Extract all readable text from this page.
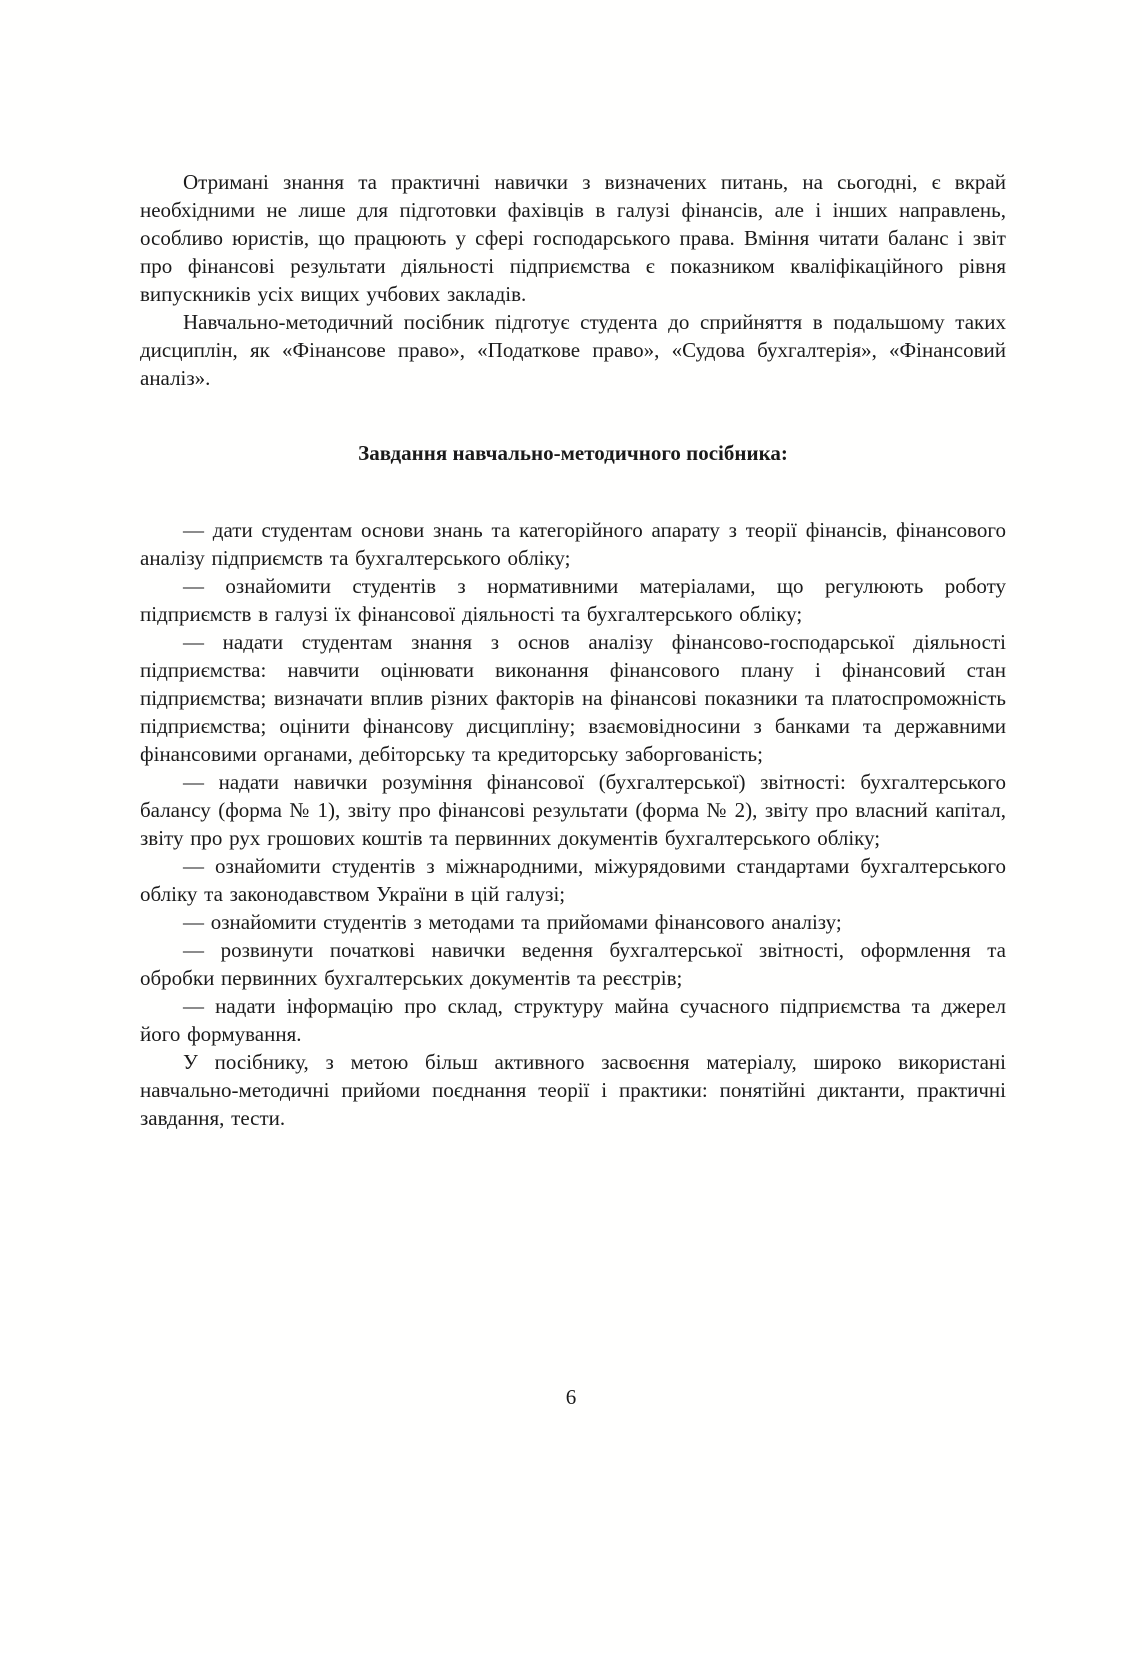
Отримані знання та практичні навички з визначених питань, на сьогодні, є вкрай необхідними не лише для підготовки фахівців в галузі фінансів, але і інших направлень, особливо юристів, що працюють у сфері господарського права. Вміння читати баланс і звіт про фінансові результати діяльності підприємства є показником кваліфікаційного рівня випускників усіх вищих учбових закладів.

Навчально-методичний посібник підготує студента до сприйняття в подальшому таких дисциплін, як «Фінансове право», «Податкове право», «Судова бухгалтерія», «Фінансовий аналіз».

Завдання навчально-методичного посібника:

— дати студентам основи знань та категорійного апарату з теорії фінансів, фінансового аналізу підприємств та бухгалтерського обліку;

— ознайомити студентів з нормативними матеріалами, що регулюють роботу підприємств в галузі їх фінансової діяльності та бухгалтерського обліку;

— надати студентам знання з основ аналізу фінансово-господарської діяльності підприємства: навчити оцінювати виконання фінансового плану і фінансовий стан підприємства; визначати вплив різних факторів на фінансові показники та платоспроможність підприємства; оцінити фінансову дисципліну; взаємовідносини з банками та державними фінансовими органами, дебіторську та кредиторську заборгованість;

— надати навички розуміння фінансової (бухгалтерської) звітності: бухгалтерського балансу (форма № 1), звіту про фінансові результати (форма № 2), звіту про власний капітал, звіту про рух грошових коштів та первинних документів бухгалтерського обліку;

— ознайомити студентів з міжнародними, міжурядовими стандартами бухгалтерського обліку та законодавством України в цій галузі;

— ознайомити студентів з методами та прийомами фінансового аналізу;

— розвинути початкові навички ведення бухгалтерської звітності, оформлення та обробки первинних бухгалтерських документів та реєстрів;

— надати інформацію про склад, структуру майна сучасного підприємства та джерел його формування.

У посібнику, з метою більш активного засвоєння матеріалу, широко використані навчально-методичні прийоми поєднання теорії і практики: понятійні диктанти, практичні завдання, тести.

6
